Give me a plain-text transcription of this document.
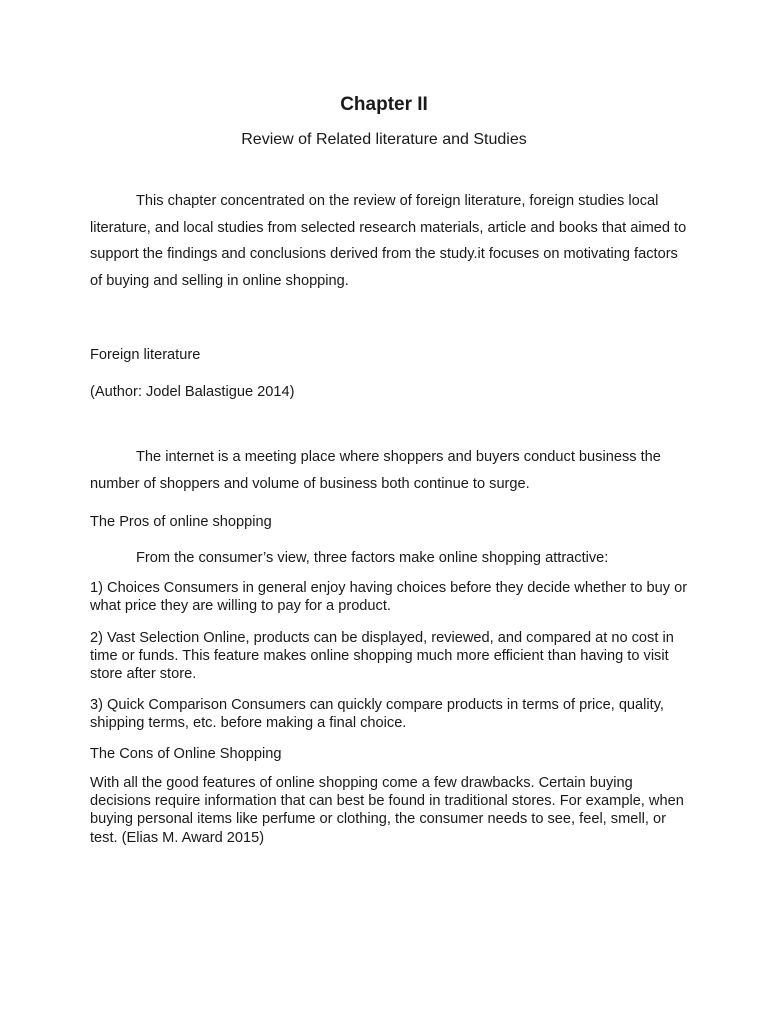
Chapter II
Review of Related literature and Studies

This chapter concentrated on the review of foreign literature, foreign studies local literature, and local studies from selected research materials, article and books that aimed to support the findings and conclusions derived from the study.it focuses on motivating factors of buying and selling in online shopping.

Foreign literature

(Author: Jodel Balastigue 2014)

The internet is a meeting place where shoppers and buyers conduct business the number of shoppers and volume of business both continue to surge.

The Pros of online shopping

From the consumer’s view, three factors make online shopping attractive:

1) Choices Consumers in general enjoy having choices before they decide whether to buy or what price they are willing to pay for a product.

2) Vast Selection Online, products can be displayed, reviewed, and compared at no cost in time or funds. This feature makes online shopping much more efficient than having to visit store after store.

3) Quick Comparison Consumers can quickly compare products in terms of price, quality, shipping terms, etc. before making a final choice.

The Cons of Online Shopping

With all the good features of online shopping come a few drawbacks. Certain buying decisions require information that can best be found in traditional stores. For example, when buying personal items like perfume or clothing, the consumer needs to see, feel, smell, or test. (Elias M. Award 2015)
